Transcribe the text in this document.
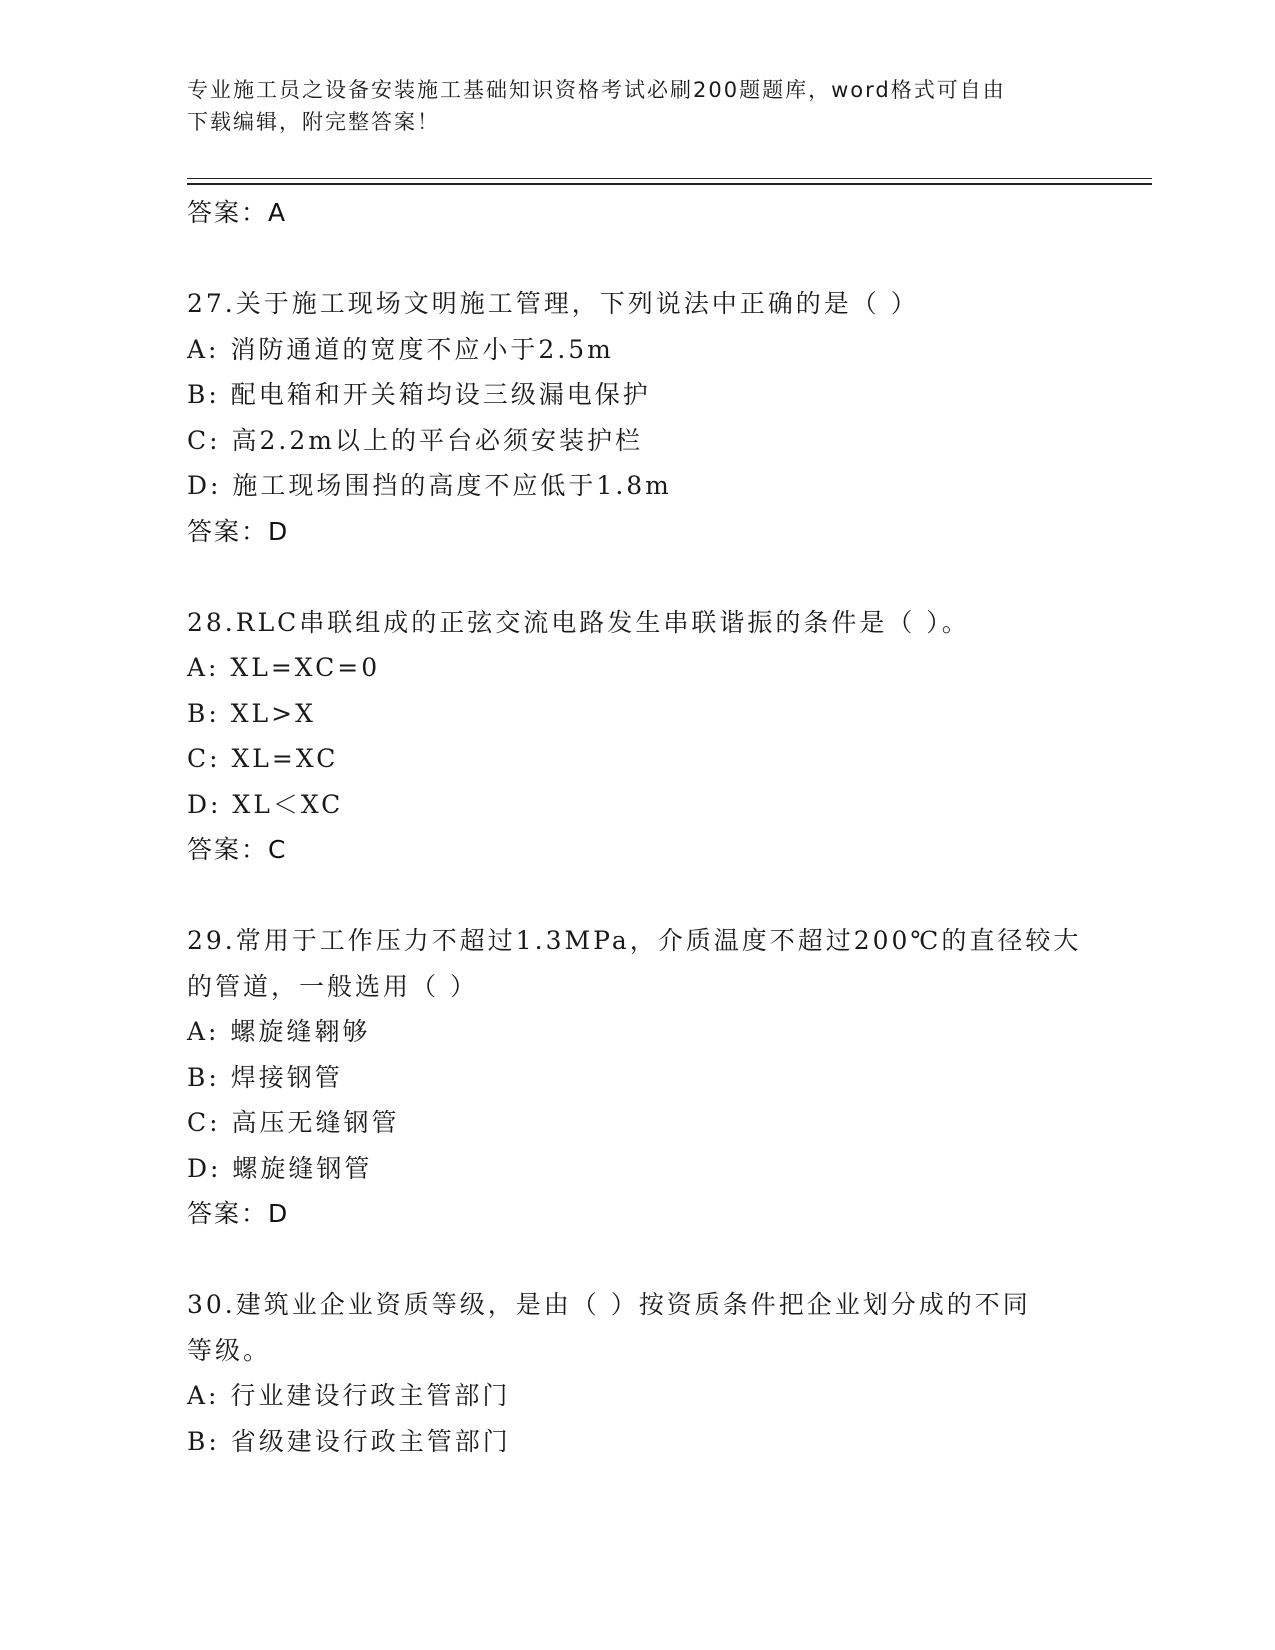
专业施工员之设备安装施工基础知识资格考试必刷200题题库，word格式可自由
下载编辑，附完整答案！
答案：A
27.关于施工现场文明施工管理，下列说法中正确的是（ ）
A: 消防通道的宽度不应小于2.5m
B: 配电箱和开关箱均设三级漏电保护
C: 高2.2m以上的平台必须安装护栏
D: 施工现场围挡的高度不应低于1.8m
答案：D
28.RLC串联组成的正弦交流电路发生串联谐振的条件是（ ）。
A: XL=XC=0
B: XL>X
C: XL=XC
D: XL＜XC
答案：C
29.常用于工作压力不超过1.3MPa，介质温度不超过200℃的直径较大
的管道，一般选用（ ）
A: 螺旋缝翱够
B: 焊接钢管
C: 高压无缝钢管
D: 螺旋缝钢管
答案：D
30.建筑业企业资质等级，是由（ ）按资质条件把企业划分成的不同
等级。
A: 行业建设行政主管部门
B: 省级建设行政主管部门
